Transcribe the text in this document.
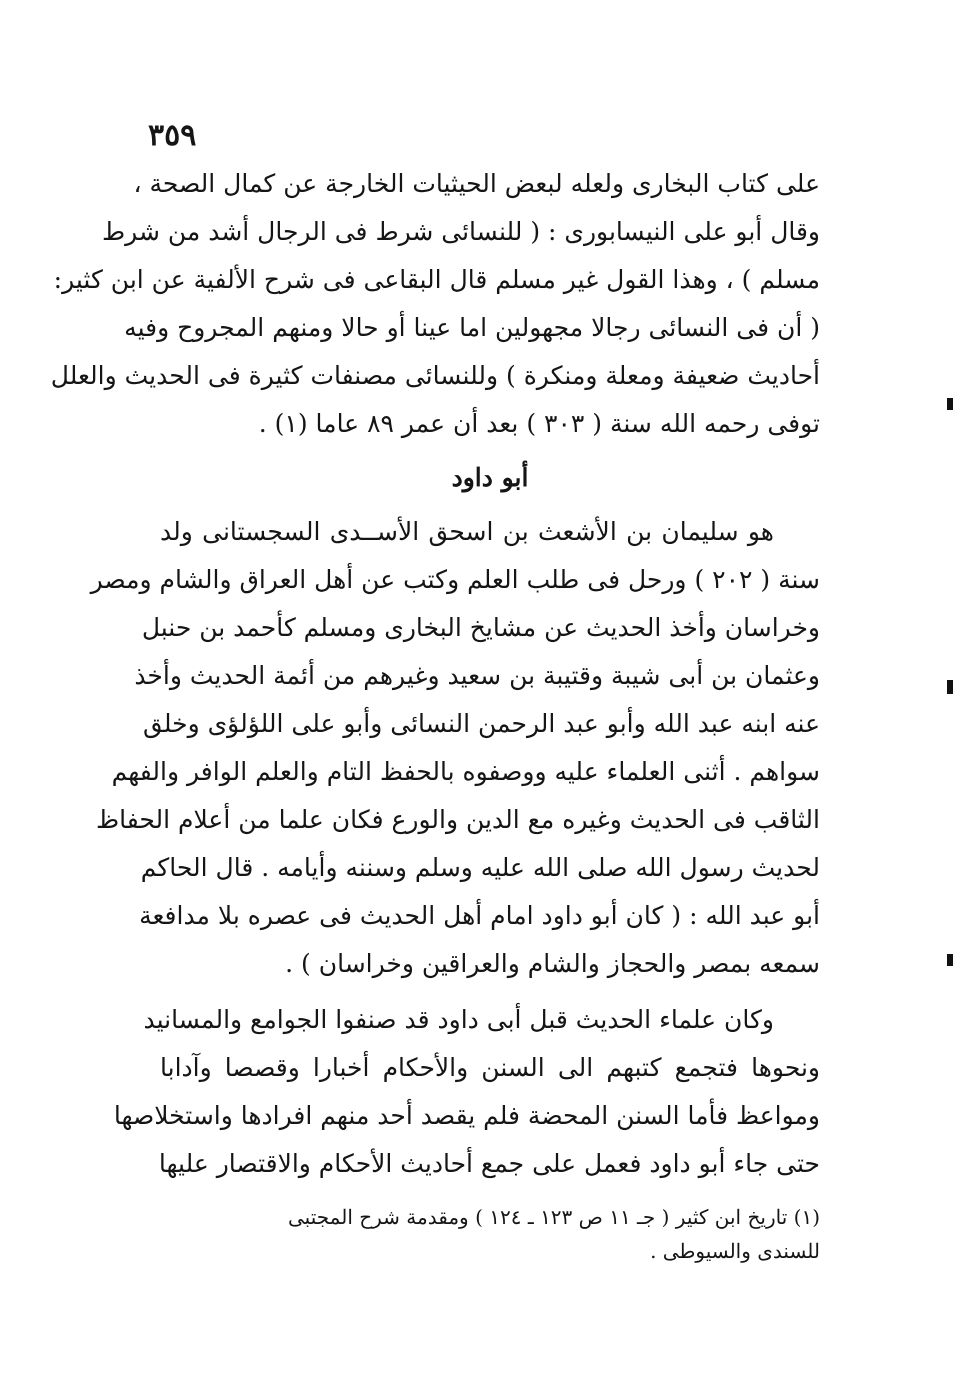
٣٥٩
على كتاب البخارى ولعله لبعض الحيثيات الخارجة عن كمال الصحة ،
وقال أبو على النيسابورى : ( للنسائى شرط فى الرجال أشد من شرط
مسلم ) ، وهذا القول غير مسلم قال البقاعى فى شرح الألفية عن ابن كثير:
( أن فى النسائى رجالا مجهولين اما عينا أو حالا ومنهم المجروح وفيه
أحاديث ضعيفة ومعلة ومنكرة ) وللنسائى مصنفات كثيرة فى الحديث والعلل
توفى رحمه الله سنة ( ٣٠٣ ) بعد أن عمر ٨٩ عاما (١) .
أبو داود
هو سليمان بن الأشعث بن اسحق الأســدى السجستانى ولد
سنة ( ٢٠٢ ) ورحل فى طلب العلم وكتب عن أهل العراق والشام ومصر
وخراسان وأخذ الحديث عن مشايخ البخارى ومسلم كأحمد بن حنبل
وعثمان بن أبى شيبة وقتيبة بن سعيد وغيرهم من أئمة الحديث وأخذ
عنه ابنه عبد الله وأبو عبد الرحمن النسائى وأبو على اللؤلؤى وخلق
سواهم . أثنى العلماء عليه ووصفوه بالحفظ التام والعلم الوافر والفهم
الثاقب فى الحديث وغيره مع الدين والورع فكان علما من أعلام الحفاظ
لحديث رسول الله صلى الله عليه وسلم وسننه وأيامه . قال الحاكم
أبو عبد الله : ( كان أبو داود امام أهل الحديث فى عصره بلا مدافعة
سمعه بمصر والحجاز والشام والعراقين وخراسان ) .
وكان علماء الحديث قبل أبى داود قد صنفوا الجوامع والمسانيد
ونحوها فتجمع كتبهم الى السنن والأحكام أخبارا وقصصا وآدابا
ومواعظ فأما السنن المحضة فلم يقصد أحد منهم افرادها واستخلاصها
حتى جاء أبو داود فعمل على جمع أحاديث الأحكام والاقتصار عليها
(١) تاريخ ابن كثير ( جـ ١١ ص ١٢٣ ـ ١٢٤ ) ومقدمة شرح المجتبى
للسندى والسيوطى .
